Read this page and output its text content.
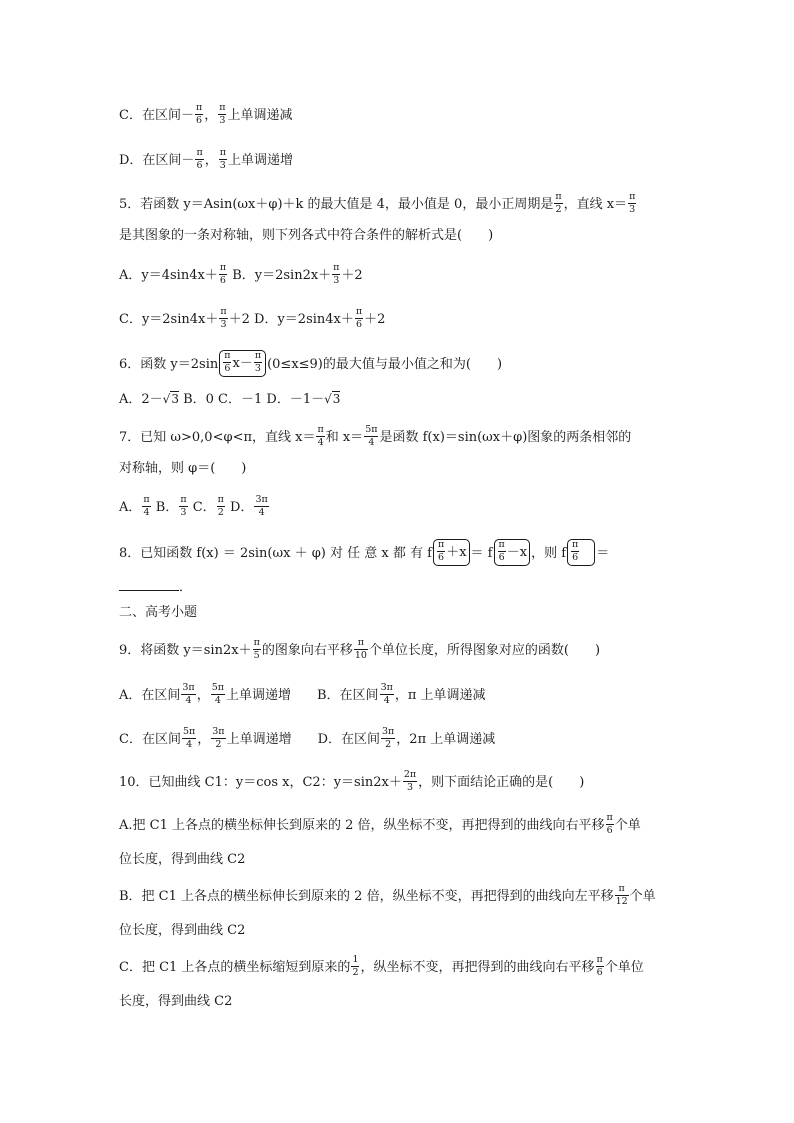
C．在区间－ $\frac{\pi}{6}$ ， $\frac{\pi}{3}$ 上单调递减
D．在区间－ $\frac{\pi}{6}$ ， $\frac{\pi}{3}$ 上单调递增
5．若函数 y＝Asin(ωx＋φ)＋k 的最大值是 4，最小值是 0，最小正周期是 $\frac{\pi}{2}$ ，直线 $x= \frac{\pi}{3}$
是其图象的一条对称轴，则下列各式中符合条件的解析式是(　　)
A．$y=4\sin 4x+ \frac{\pi}{6}$ B．$y=2\sin 2x+ \frac{\pi}{3} +2$
C．$y=2\sin 4x+ \frac{\pi}{3} +2$ D．$y=2\sin 4x+ \frac{\pi}{6} +2$
6．函数 $y=2\sin \frac{\pi}{6} x- \frac{\pi}{3} (0\le x\le 9)$的最大值与最小值之和为(　　)
A．2－√3 B．0 C．－1 D．－1－√3
7．已知 ω>0,0<φ<π，直线 $x= \frac{\pi}{4}$ 和 $x= \frac{5\pi}{4}$ 是函数 f(x)＝sin(ωx＋φ)图象的两条相邻的
对称轴，则 φ＝(　　)
A． $\frac{\pi}{4}$ B． $\frac{\pi}{3}$ C． $\frac{\pi}{2}$ D． $\frac{3\pi}{4}$
8．已知函数 f(x) ＝ 2sin(ωx ＋ φ) 对 任 意 x 都 有 f $\frac{\pi}{6} +x = f \frac{\pi}{6} -x$ ，则 f $\frac{\pi}{6}$ ＝
．
二、高考小题
9．将函数 $y=\sin 2x+ \frac{\pi}{5}$ 的图象向右平移 $\frac{\pi}{10}$ 个单位长度，所得图象对应的函数(　　)
A．在区间 $\frac{3\pi}{4}$ ， $\frac{5\pi}{4}$ 上单调递增　　B．在区间 $\frac{3\pi}{4}$ ，π 上单调递减
C．在区间 $\frac{5\pi}{4}$ ， $\frac{3\pi}{2}$ 上单调递增　　D．在区间 $\frac{3\pi}{2}$ ，2π 上单调递减
10．已知曲线 C1：y＝cos x，C2：$y=\sin 2x+ \frac{2\pi}{3}$ ，则下面结论正确的是(　　)
A.把 C1 上各点的横坐标伸长到原来的 2 倍，纵坐标不变，再把得到的曲线向右平移 $\frac{\pi}{6}$ 个单
位长度，得到曲线 C2
B．把 C1 上各点的横坐标伸长到原来的 2 倍，纵坐标不变，再把得到的曲线向左平移 $\frac{\pi}{12}$ 个单
位长度，得到曲线 C2
C．把 C1 上各点的横坐标缩短到原来的 $\frac{1}{2}$ ，纵坐标不变，再把得到的曲线向右平移 $\frac{\pi}{6}$ 个单位
长度，得到曲线 C2
